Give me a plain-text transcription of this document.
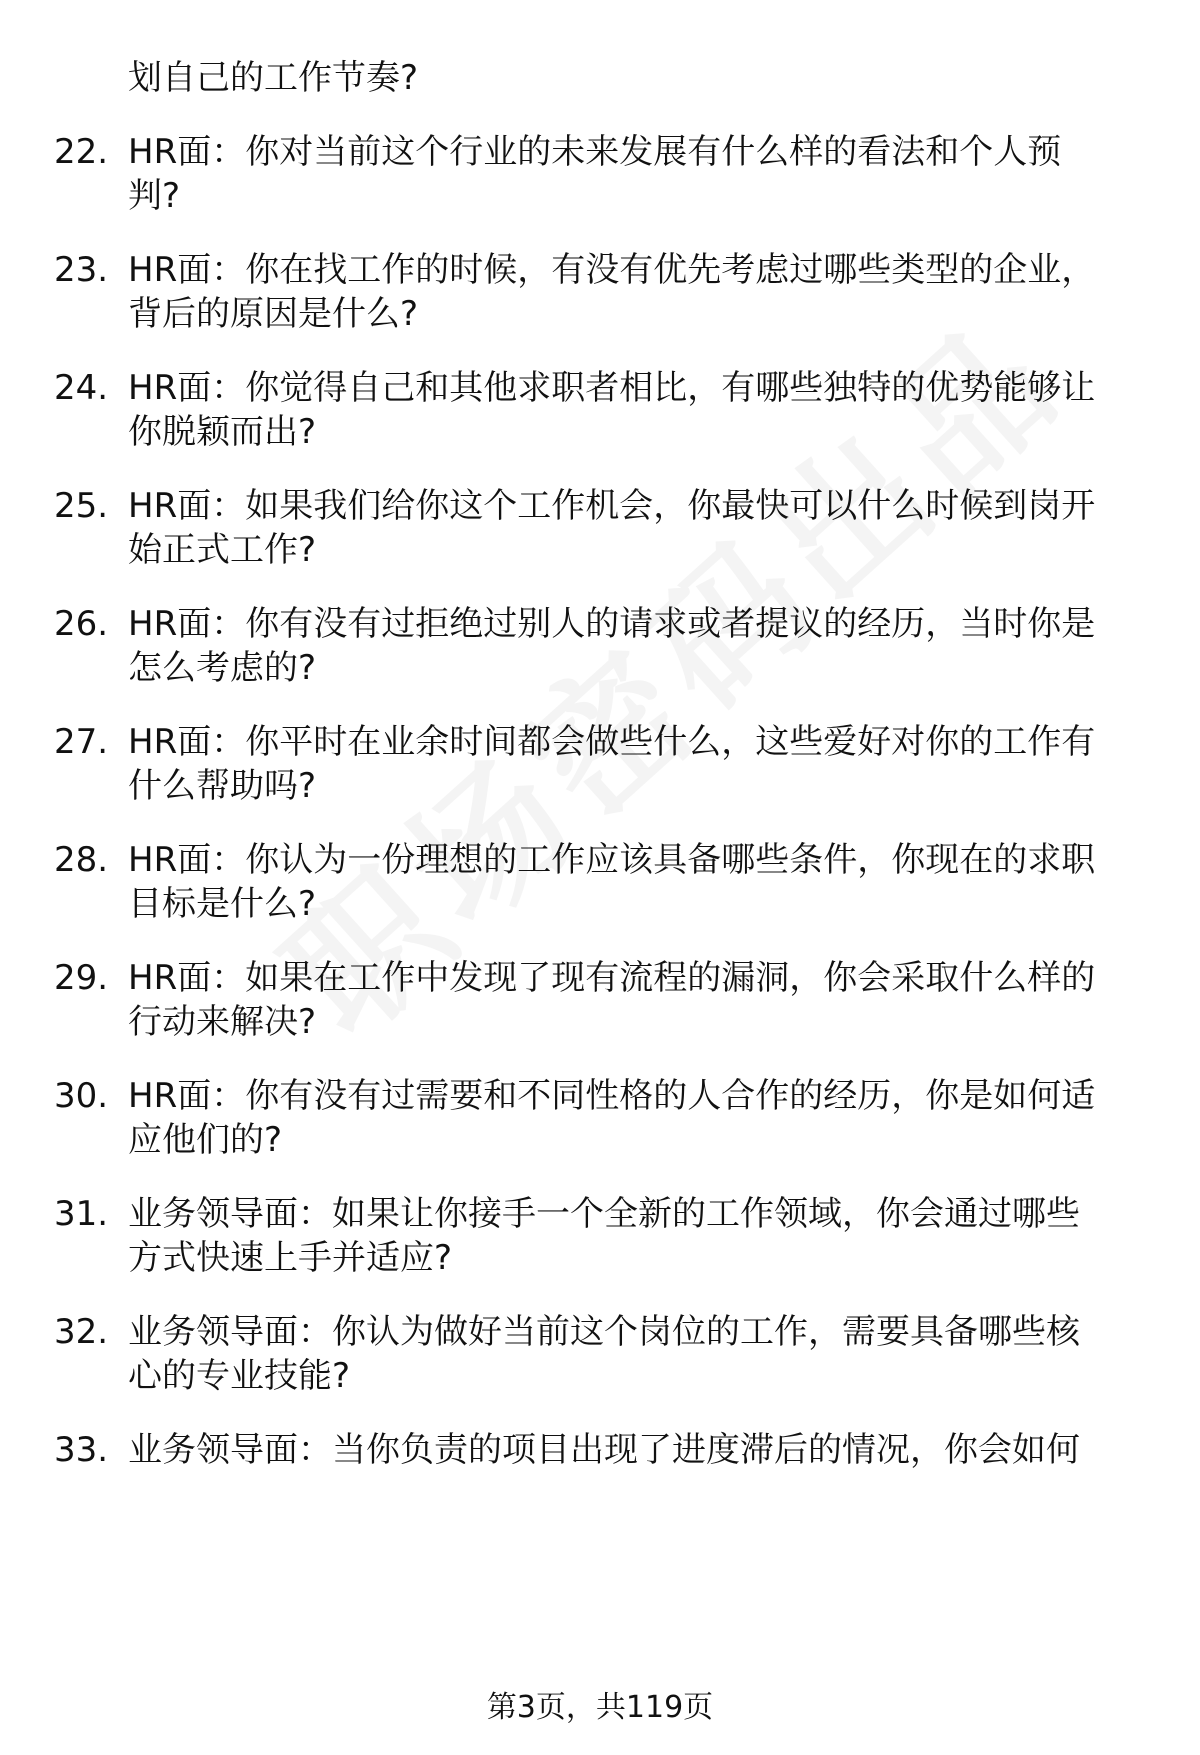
划自己的工作节奏?
22. HR面：你对当前这个行业的未来发展有什么样的看法和个人预
判?
23. HR面：你在找工作的时候，有没有优先考虑过哪些类型的企业，
背后的原因是什么?
24. HR面：你觉得自己和其他求职者相比，有哪些独特的优势能够让
你脱颖而出?
25. HR面：如果我们给你这个工作机会，你最快可以什么时候到岗开
始正式工作?
26. HR面：你有没有过拒绝过别人的请求或者提议的经历，当时你是
怎么考虑的?
27. HR面：你平时在业余时间都会做些什么，这些爱好对你的工作有
什么帮助吗?
28. HR面：你认为一份理想的工作应该具备哪些条件，你现在的求职
目标是什么?
29. HR面：如果在工作中发现了现有流程的漏洞，你会采取什么样的
行动来解决?
30. HR面：你有没有过需要和不同性格的人合作的经历，你是如何适
应他们的?
31. 业务领导面：如果让你接手一个全新的工作领域，你会通过哪些
方式快速上手并适应?
32. 业务领导面：你认为做好当前这个岗位的工作，需要具备哪些核
心的专业技能?
33. 业务领导面：当你负责的项目出现了进度滞后的情况，你会如何
第3页，共119页
